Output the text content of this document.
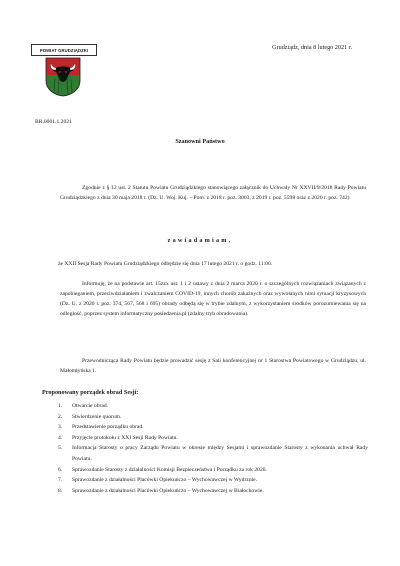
POWIAT GRUDZIĄDZKI	Grudziądz, dnia 8 lutego 2021 r.
BR.0001.1.2021
Szanowni Państwo
Zgodnie z § 12 ust. 2 Statutu Powiatu Grudziądzkiego stanowiącego załącznik do Uchwały Nr XXVII/9/2018 Rady Powiatu Grudziądzkiego z dnia 30 maja 2018 r. (Dz. U. Woj. Kuj. – Pom. z 2018 r. poz. 3003, z 2019 r. poz. 5598 oraz z 2020 r. poz. 742)
zawiadamiam,
że XXII Sesja Rady Powiatu Grudziądzkiego odbędzie się dnia 17 lutego 2021 r. o godz. 11:00.
Informuję, że na podstawie art. 15zzx ust. 1 i 2 ustawy z dnia 2 marca 2020 r. o szczególnych rozwiązaniach związanych z zapobieganiem, przeciwdziałaniem i zwalczaniem COVID-19, innych chorób zakaźnych oraz wywołanych nimi sytuacji kryzysowych (Dz. U. z 2020 r. poz. 374, 567, 568 i 695) obrady odbędą się w trybie zdalnym, z wykorzystaniem środków porozumiewania się na odległość, poprzez system informatyczny posiedzenia.pl (zdalny tryb obradowania).
Przewodnicząca Rady Powiatu będzie prowadzić sesję z Sali konferencyjnej nr 1 Starostwa Powiatowego w Grudziądzu, ul. Małomłyńska 1.
Proponowany porządek obrad Sesji:
1.	Otwarcie obrad.
2.	Stwierdzenie quorum.
3.	Przedstawienie porządku obrad.
4.	Przyjęcie protokołu z XXI Sesji Rady Powiatu.
5.	Informacja Starosty o pracy Zarządu Powiatu w okresie między Sesjami i sprawozdanie Starosty z wykonania uchwał Rady Powiatu.
6.	Sprawozdanie Starosty z działalności Komisji Bezpieczeństwa i Porządku za rok 2020.
7.	Sprawozdanie z działalności Placówki Opiekuńczo – Wychowawczej w Wydrznie.
8.	Sprawozdanie z działalności Placówki Opiekuńczo – Wychowawczej w Białochowie.
